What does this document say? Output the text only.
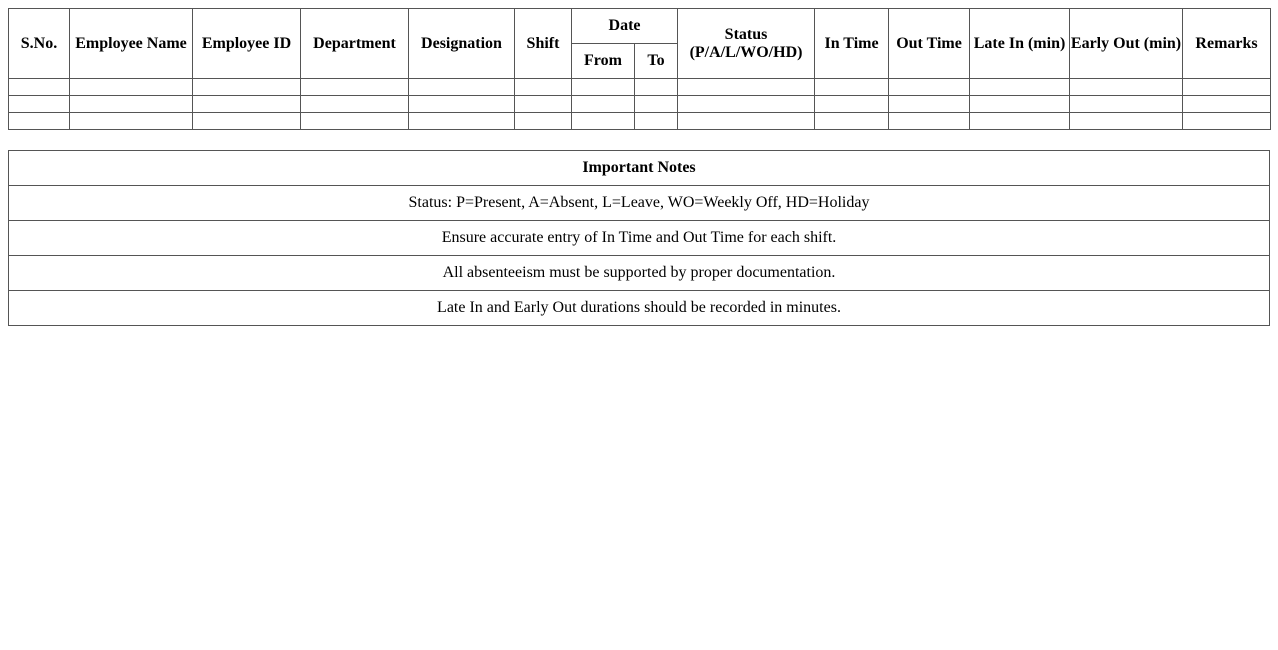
S.No.	Employee Name	Employee ID	Department	Designation	Shift	Date		Status (P/A/L/WO/HD)	In Time	Out Time	Late In (min)	Early Out (min)	Remarks
						From	To						

Important Notes
Status: P=Present, A=Absent, L=Leave, WO=Weekly Off, HD=Holiday
Ensure accurate entry of In Time and Out Time for each shift.
All absenteeism must be supported by proper documentation.
Late In and Early Out durations should be recorded in minutes.
